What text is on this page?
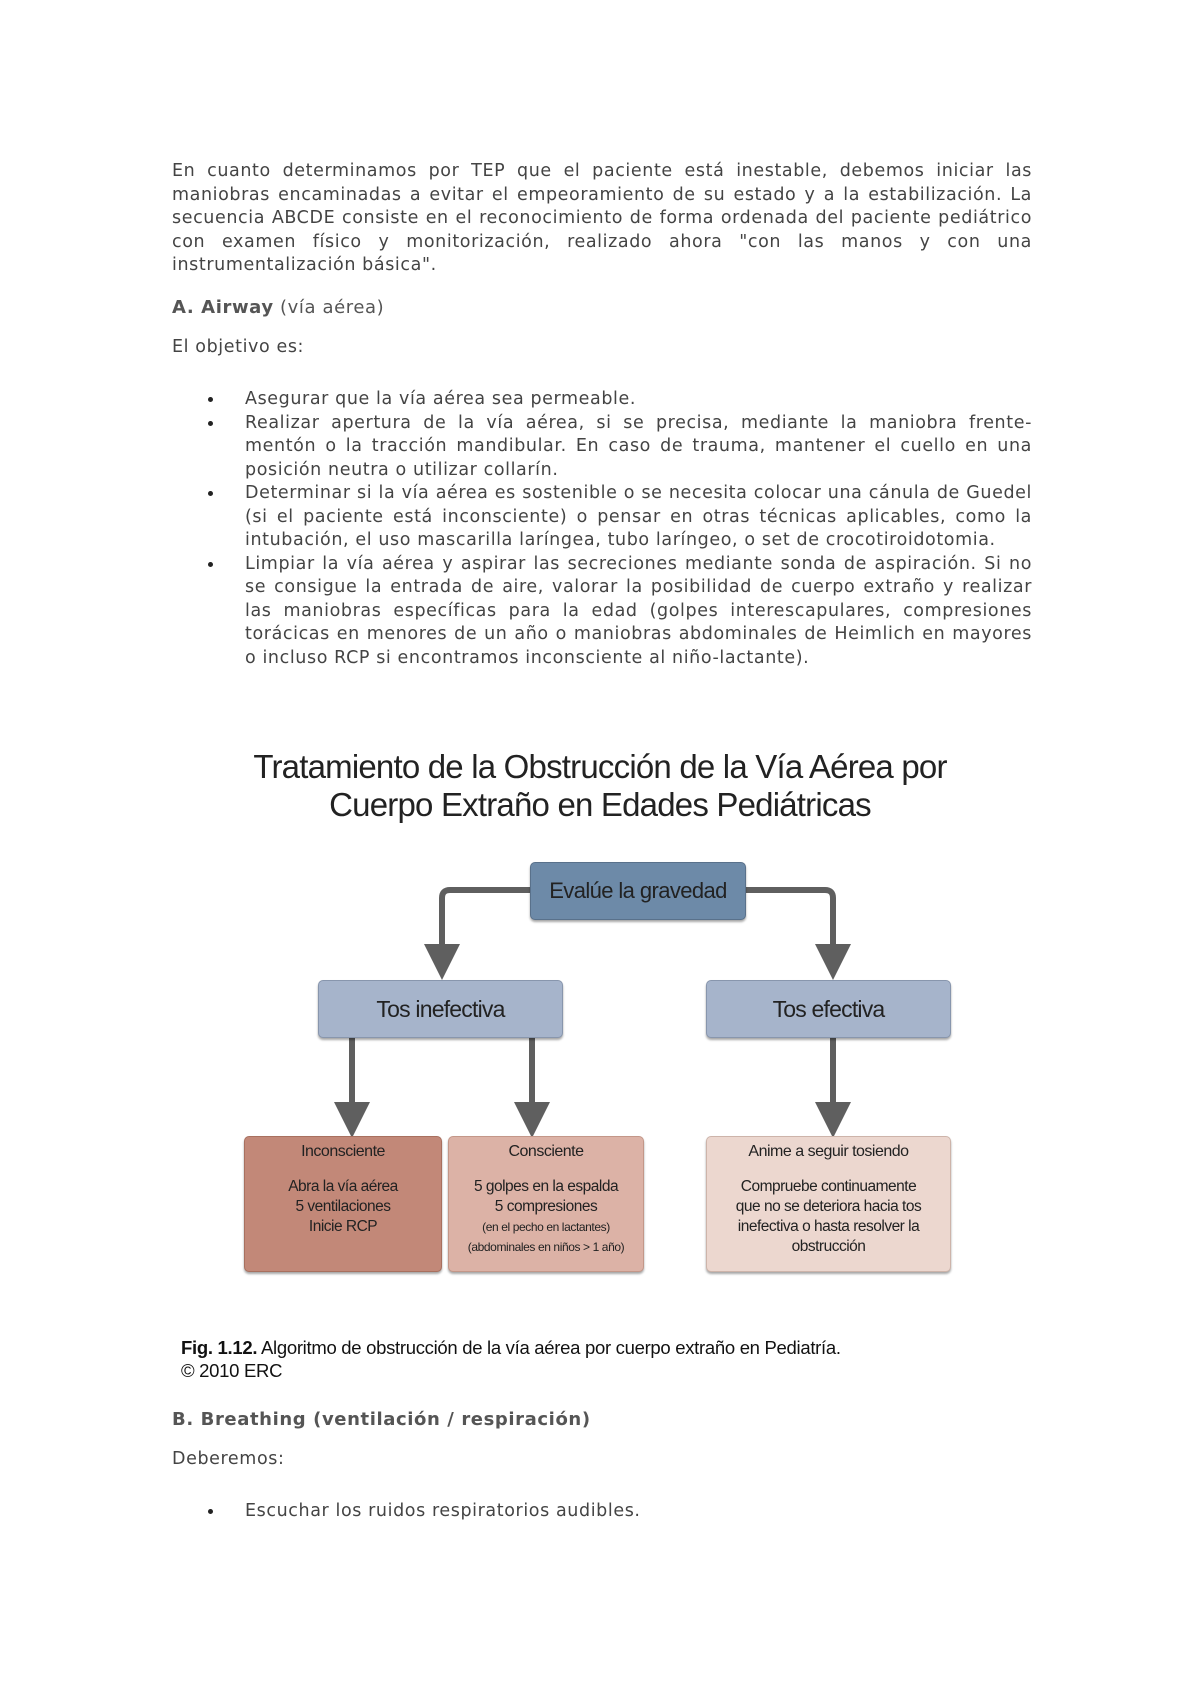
En cuanto determinamos por TEP que el paciente está inestable, debemos iniciar las maniobras encaminadas a evitar el empeoramiento de su estado y a la estabilización. La secuencia ABCDE consiste en el reconocimiento de forma ordenada del paciente pediátrico con examen físico y monitorización, realizado ahora "con las manos y con una instrumentalización básica".

A. Airway (vía aérea)

El objetivo es:

Asegurar que la vía aérea sea permeable.
Realizar apertura de la vía aérea, si se precisa, mediante la maniobra frente-mentón o la tracción mandibular. En caso de trauma, mantener el cuello en una posición neutra o utilizar collarín.
Determinar si la vía aérea es sostenible o se necesita colocar una cánula de Guedel (si el paciente está inconsciente) o pensar en otras técnicas aplicables, como la intubación, el uso mascarilla laríngea, tubo laríngeo, o set de crocotiroidotomia.
Limpiar la vía aérea y aspirar las secreciones mediante sonda de aspiración. Si no se consigue la entrada de aire, valorar la posibilidad de cuerpo extraño y realizar las maniobras específicas para la edad (golpes interescapulares, compresiones torácicas en menores de un año o maniobras abdominales de Heimlich en mayores o incluso RCP si encontramos inconsciente al niño-lactante).
Tratamiento de la Obstrucción de la Vía Aérea por
Cuerpo Extraño en Edades Pediátricas
Evalúe la gravedad
Tos inefectiva	Tos efectiva
Inconsciente
Abra la vía aérea
5 ventilaciones
Inicie RCP
Consciente
5 golpes en la espalda
5 compresiones
(en el pecho en lactantes)
(abdominales en niños > 1 año)
Anime a seguir tosiendo
Compruebe continuamente
que no se deteriora hacia tos
inefectiva o hasta resolver la
obstrucción
Fig. 1.12. Algoritmo de obstrucción de la vía aérea por cuerpo extraño en Pediatría.
© 2010 ERC

B. Breathing (ventilación / respiración)

Deberemos:

Escuchar los ruidos respiratorios audibles.
